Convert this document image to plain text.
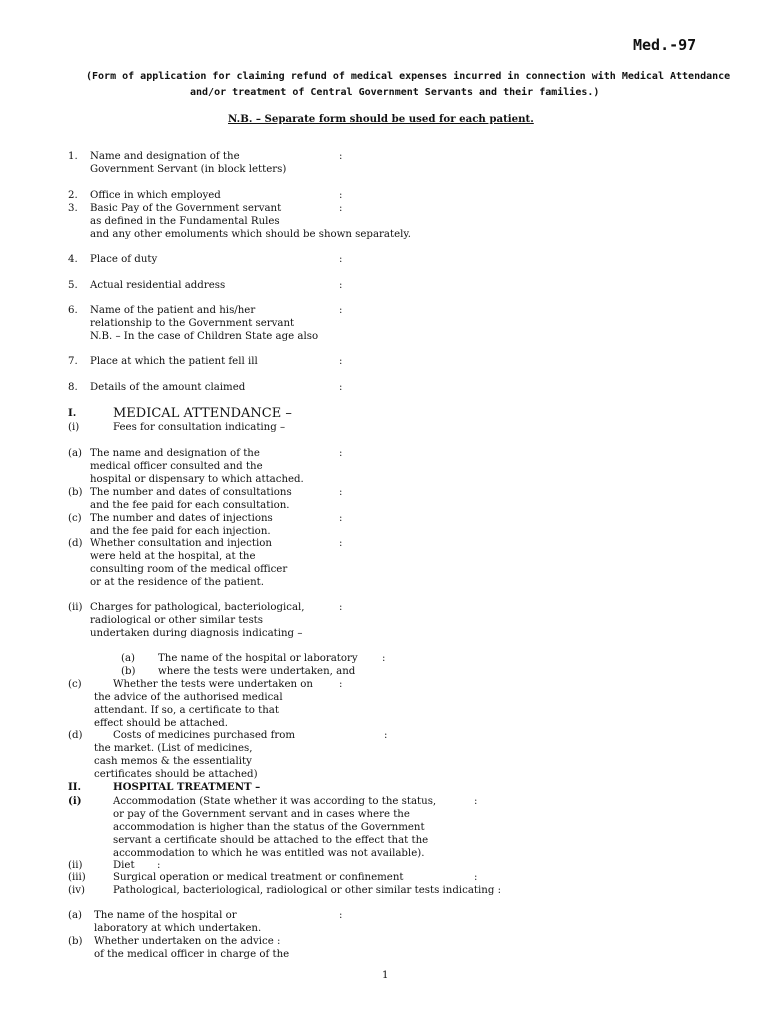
Med.-97
(Form of application for claiming refund of medical expenses incurred in connection with Medical Attendance
and/or treatment of Central Government Servants and their families.)
N.B. – Separate form should be used for each patient.
1. Name and designation of the
Government Servant (in block letters)
:
2. Office in which employed	:
3. Basic Pay of the Government servant
as defined in the Fundamental Rules
and any other emoluments which should be shown separately.
:
4. Place of duty	:
5. Actual residential address	:
6. Name of the patient and his/her
relationship to the Government servant
N.B. – In the case of Children State age also
:
7. Place at which the patient fell ill	:
8. Details of the amount claimed	:
I.	MEDICAL ATTENDANCE –
(i)	Fees for consultation indicating –
(a) The name and designation of the
medical officer consulted and the
hospital or dispensary to which attached.
:
(b) The number and dates of consultations
and the fee paid for each consultation.
:
(c) The number and dates of injections
and the fee paid for each injection.
:
(d) Whether consultation and injection
were held at the hospital, at the
consulting room of the medical officer
or at the residence of the patient.
:
(ii) Charges for pathological, bacteriological,
radiological or other similar tests
undertaken during diagnosis indicating –
:
(a) The name of the hospital or laboratory :
(b) where the tests were undertaken, and
(c)	Whether the tests were undertaken on
the advice of the authorised medical
attendant. If so, a certificate to that
effect should be attached.
:
(d)	Costs of medicines purchased from
the market. (List of medicines,
cash memos & the essentiality
certificates should be attached)
:
II.	HOSPITAL TREATMENT –
(i)	Accommodation (State whether it was according to the status,
or pay of the Government servant and in cases where the
accommodation is higher than the status of the Government
servant a certificate should be attached to the effect that the
accommodation to which he was entitled was not available).
:
(ii)	Diet :
(iii)	Surgical operation or medical treatment or confinement	:
(iv)	Pathological, bacteriological, radiological or other similar tests indicating :
(a) The name of the hospital or
laboratory at which undertaken.
:
(b) Whether undertaken on the advice :
of the medical officer in charge of the
1
